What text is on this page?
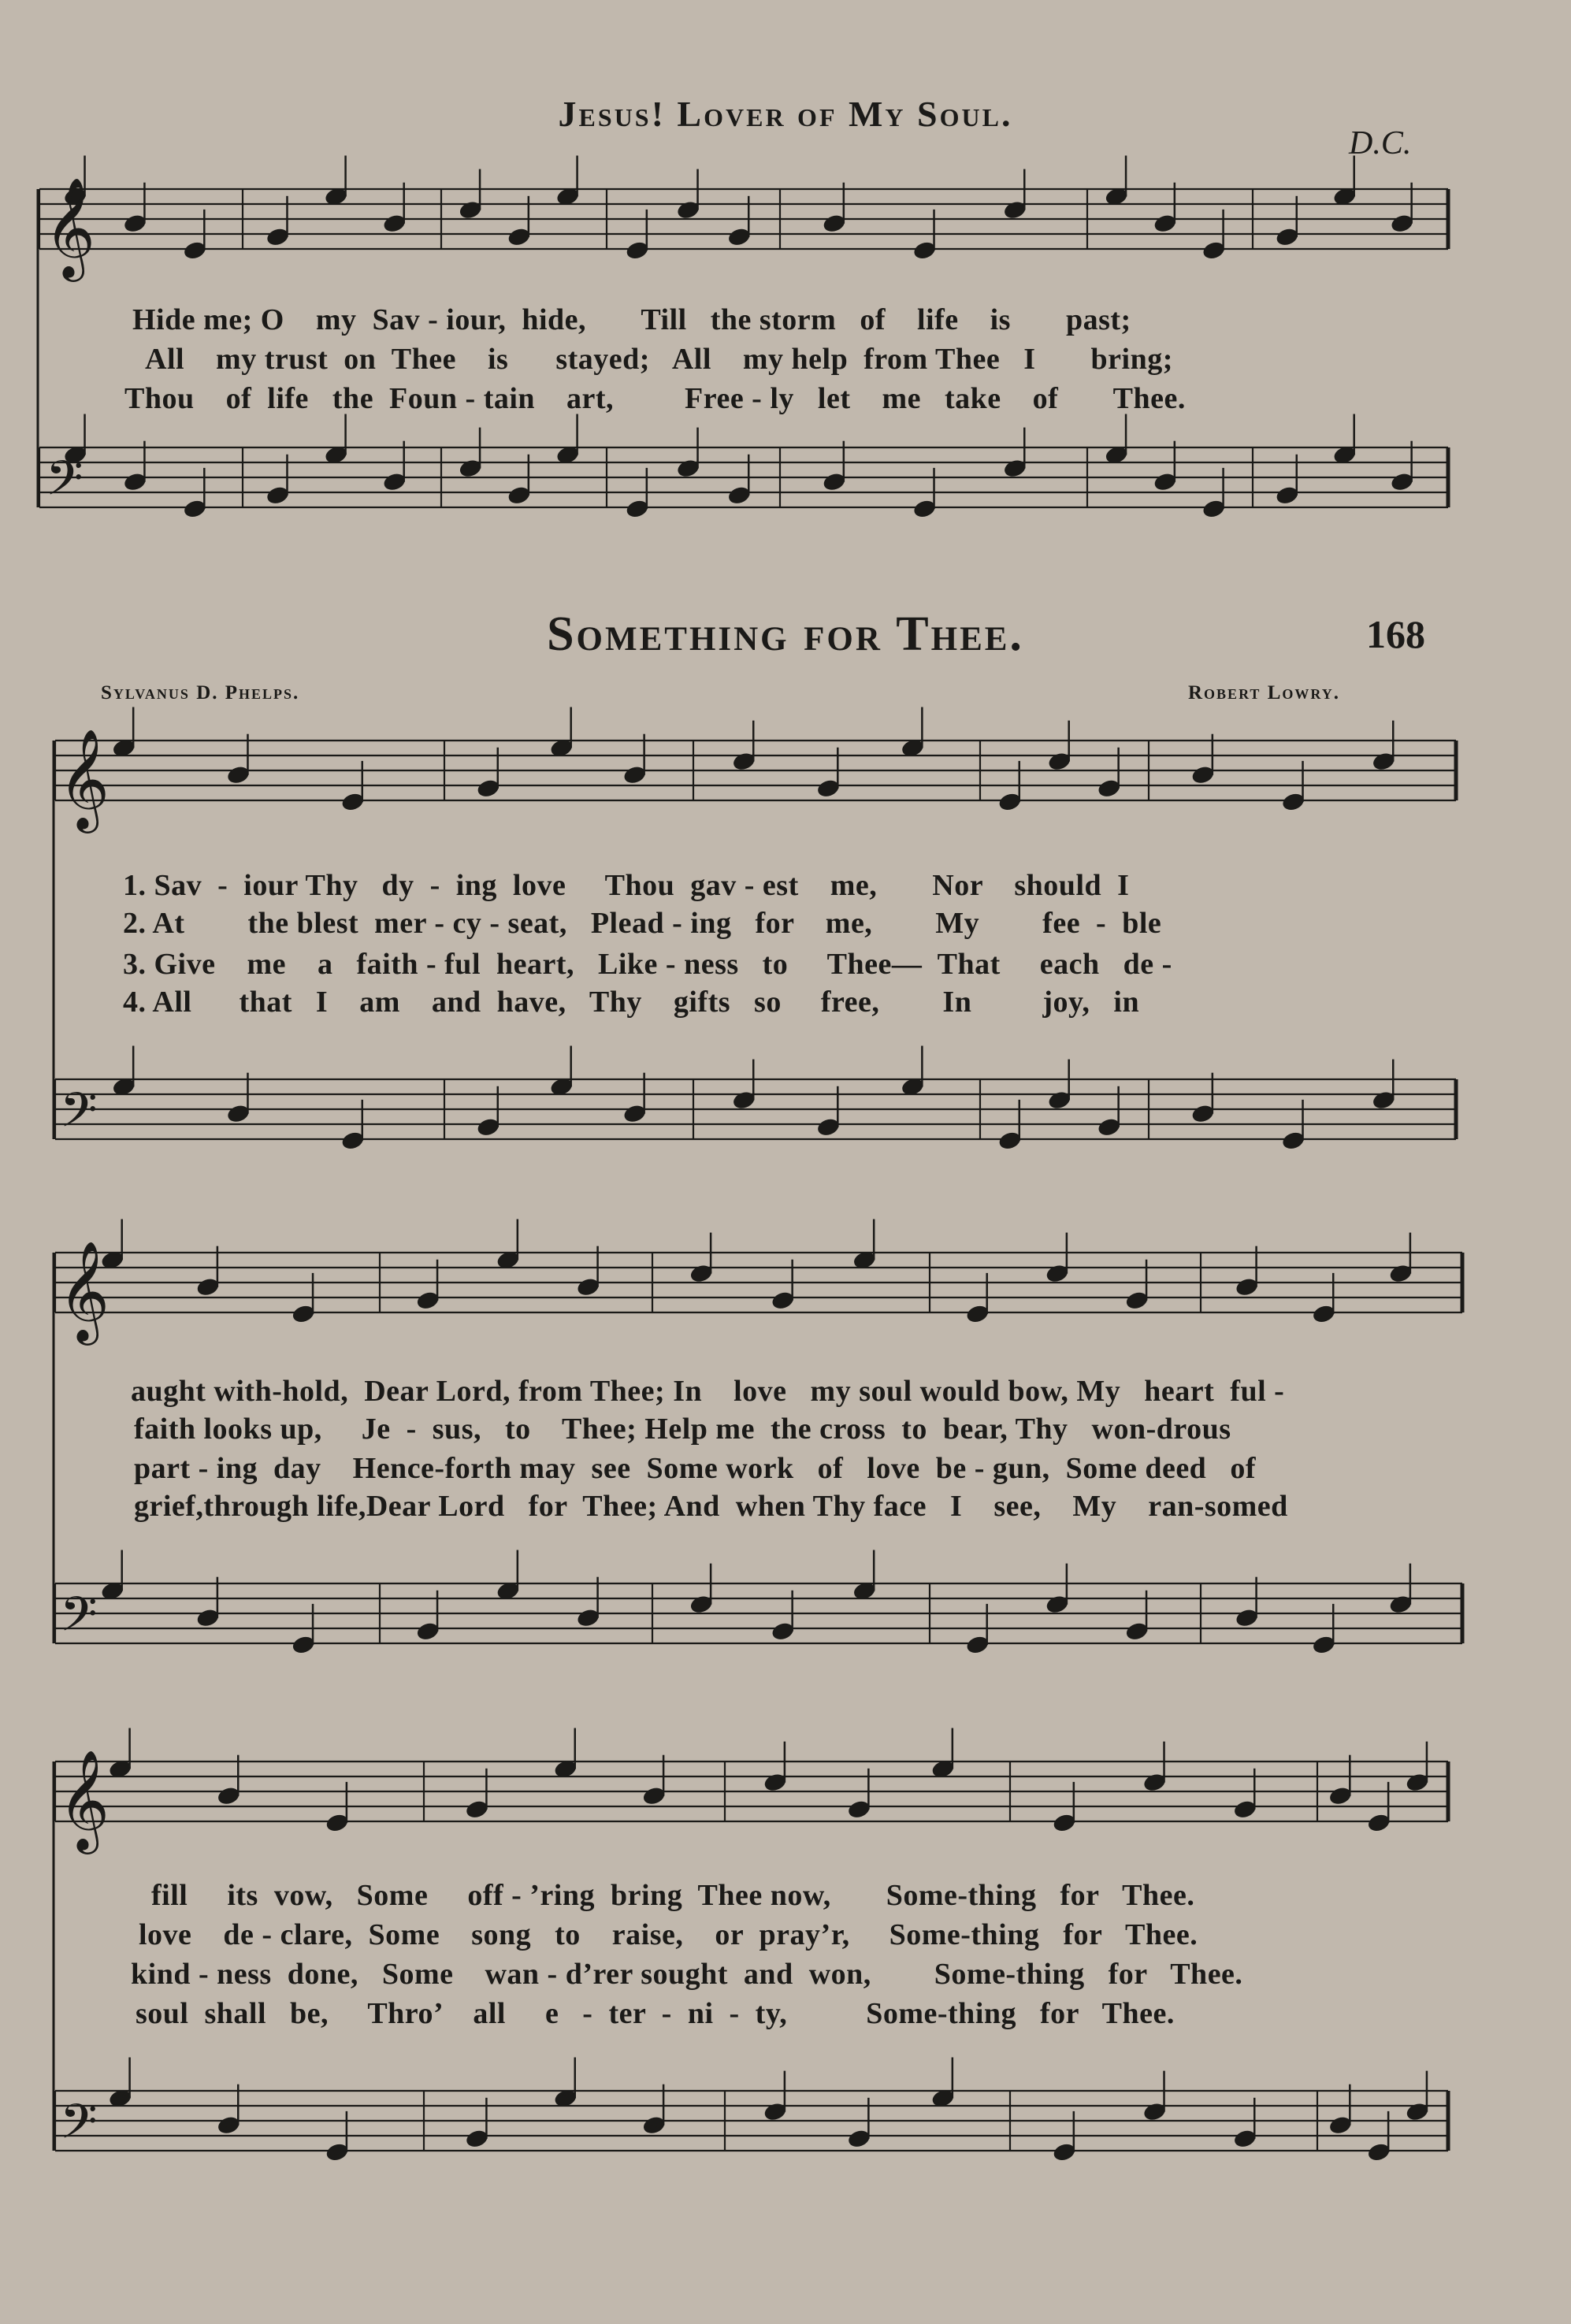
Jesus! Lover of My Soul.
D.C.
Something for Thee.	168
Sylvanus D. Phelps.	Robert Lowry.
𝄞
𝄢
𝄞
𝄢
𝄞
𝄢
𝄞
𝄢
Hide me; O    my  Sav - iour,  hide,       Till   the storm   of    life    is       past;
All    my trust  on  Thee    is      stayed;   All    my help  from Thee   I       bring;
Thou    of  life   the  Foun - tain    art,         Free - ly   let    me   take    of       Thee.
1. Sav  -  iour Thy   dy  -  ing  love     Thou  gav - est    me,       Nor    should  I
2. At        the blest  mer - cy - seat,   Plead - ing   for    me,        My        fee  -  ble
3. Give    me    a   faith - ful  heart,   Like - ness   to     Thee—  That     each   de -
4. All      that   I    am    and  have,   Thy    gifts   so     free,        In         joy,   in
aught with-hold,  Dear Lord, from Thee; In    love   my soul would bow, My   heart  ful -
faith looks up,     Je  -  sus,   to    Thee; Help me  the cross  to  bear, Thy   won-drous
part - ing  day    Hence-forth may  see  Some work   of   love  be - gun,  Some deed   of
grief,through life,Dear Lord   for  Thee; And  when Thy face   I    see,    My    ran-somed
fill     its  vow,   Some     off - ’ring  bring  Thee now,       Some-thing   for   Thee.
love    de - clare,  Some    song   to    raise,    or  pray’r,     Some-thing   for   Thee.
kind - ness  done,   Some    wan - d’rer sought  and  won,        Some-thing   for   Thee.
soul  shall   be,     Thro’    all     e   -  ter  -  ni  -  ty,          Some-thing   for   Thee.
